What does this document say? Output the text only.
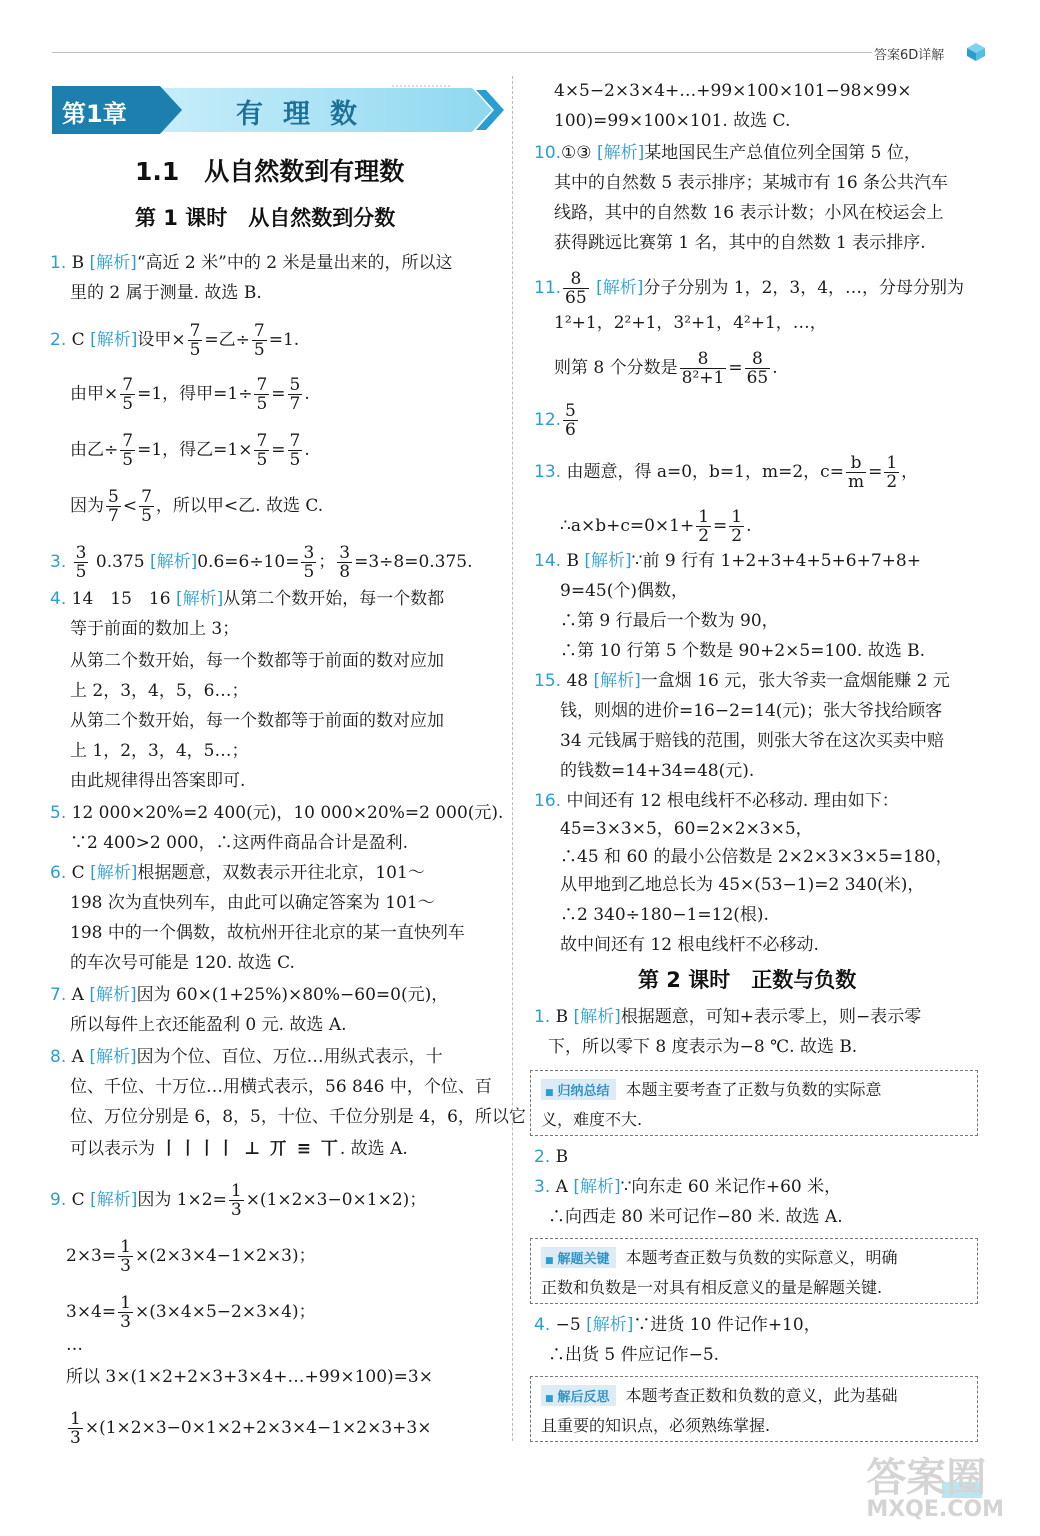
答案6D详解
第1章	有理数
1.1　从自然数到有理数
第 1 课时　从自然数到分数
1. B [解析]“高近 2 米”中的 2 米是量出来的，所以这
里的 2 属于测量. 故选 B.
2. C [解析]设甲× $\frac{7}{5}$ =乙÷ $\frac{7}{5} =1$.
由甲× $\frac{7}{5} =1$，得甲$=1\div \frac{7}{5} = \frac{5}{7}$ .
由乙÷ $\frac{7}{5} =1$，得乙$=1\times \frac{7}{5} = \frac{7}{5}$ .
因为 $\frac{5}{7} < \frac{7}{5}$ ，所以甲<乙. 故选 C.
3. $\frac{3}{5} 0.375$ [解析]$0.6=6\div 10= \frac{3}{5}$ ； $\frac{3}{8} =3\div 8=0.375$.
4. 14　15　16 [解析]从第二个数开始，每一个数都
等于前面的数加上 3；
从第二个数开始，每一个数都等于前面的数对应加
上 2，3，4，5，6…；
从第二个数开始，每一个数都等于前面的数对应加
上 1，2，3，4，5…；
由此规律得出答案即可.
5. 12 000×20%=2 400(元)，10 000×20%=2 000(元).
∵2 400>2 000，∴这两件商品合计是盈利.
6. C [解析]根据题意，双数表示开往北京，101～
198 次为直快列车，由此可以确定答案为 101～
198 中的一个偶数，故杭州开往北京的某一直快列车
的车次号可能是 120. 故选 C.
7. A [解析]因为 60×(1+25%)×80%−60=0(元)，
所以每件上衣还能盈利 0 元. 故选 A.
8. A [解析]因为个位、百位、万位…用纵式表示，十
位、千位、十万位…用横式表示，56 846 中，个位、百
位、万位分别是 6，8，5，十位、千位分别是 4，6，所以它
可以表示为 丨丨丨丨 ⊥ 丌 ≡ 丅. 故选 A.
9. C [解析]因为 $1\times 2= \frac{1}{3} \times(1\times 2\times 3-0\times 1\times 2)$；
$2\times 3= \frac{1}{3} \times(2\times 3\times 4-1\times 2\times 3)$；
$3\times 4= \frac{1}{3} \times(3\times 4\times 5-2\times 3\times 4)$；
…
所以 3×(1×2+2×3+3×4+…+99×100)=3×
$\frac{1}{3} \times(1\times 2\times 3-0\times 1\times 2+2\times 3\times 4-1\times 2\times 3+3\times$
4×5−2×3×4+…+99×100×101−98×99×
100)=99×100×101. 故选 C.
10.①③ [解析]某地国民生产总值位列全国第 5 位，
其中的自然数 5 表示排序；某城市有 16 条公共汽车
线路，其中的自然数 16 表示计数；小风在校运会上
获得跳远比赛第 1 名，其中的自然数 1 表示排序.
11. $\frac{8}{65}$ [解析]分子分别为 1，2，3，4，…，分母分别为
1²+1，2²+1，3²+1，4²+1，…，
则第 8 个分数是 $\frac{8}{\text{8²+1}} = \frac{8}{65}$ .
12. $\frac{5}{6}$
13. 由题意，得 a=0，b=1，m=2，$c= \frac{b}{m} = \frac{1}{2}$ ，
∴a×b+c=0×1+ $\frac{1}{2} = \frac{1}{2}$ .
14. B [解析]∵前 9 行有 1+2+3+4+5+6+7+8+
9=45(个)偶数，
∴第 9 行最后一个数为 90，
∴第 10 行第 5 个数是 90+2×5=100. 故选 B.
15. 48 [解析]一盒烟 16 元，张大爷卖一盒烟能赚 2 元
钱，则烟的进价=16−2=14(元)；张大爷找给顾客
34 元钱属于赔钱的范围，则张大爷在这次买卖中赔
的钱数=14+34=48(元).
16. 中间还有 12 根电线杆不必移动. 理由如下：
45=3×3×5，60=2×2×3×5，
∴45 和 60 的最小公倍数是 2×2×3×3×5=180，
从甲地到乙地总长为 45×(53−1)=2 340(米)，
∴2 340÷180−1=12(根).
故中间还有 12 根电线杆不必移动.
第 2 课时　正数与负数
1. B [解析]根据题意，可知+表示零上，则−表示零
下，所以零下 8 度表示为−8 ℃. 故选 B.
■ 归纳总结 本题主要考查了正数与负数的实际意
义，难度不大.
2. B
3. A [解析]∵向东走 60 米记作+60 米，
∴向西走 80 米可记作−80 米. 故选 A.
■ 解题关键 本题考查正数与负数的实际意义，明确
正数和负数是一对具有相反意义的量是解题关键.
4. −5 [解析]∵进货 10 件记作+10，
∴出货 5 件应记作−5.
■ 解后反思 本题考查正数和负数的意义，此为基础
且重要的知识点，必须熟练掌握.
答案圈
MXQE.COM
